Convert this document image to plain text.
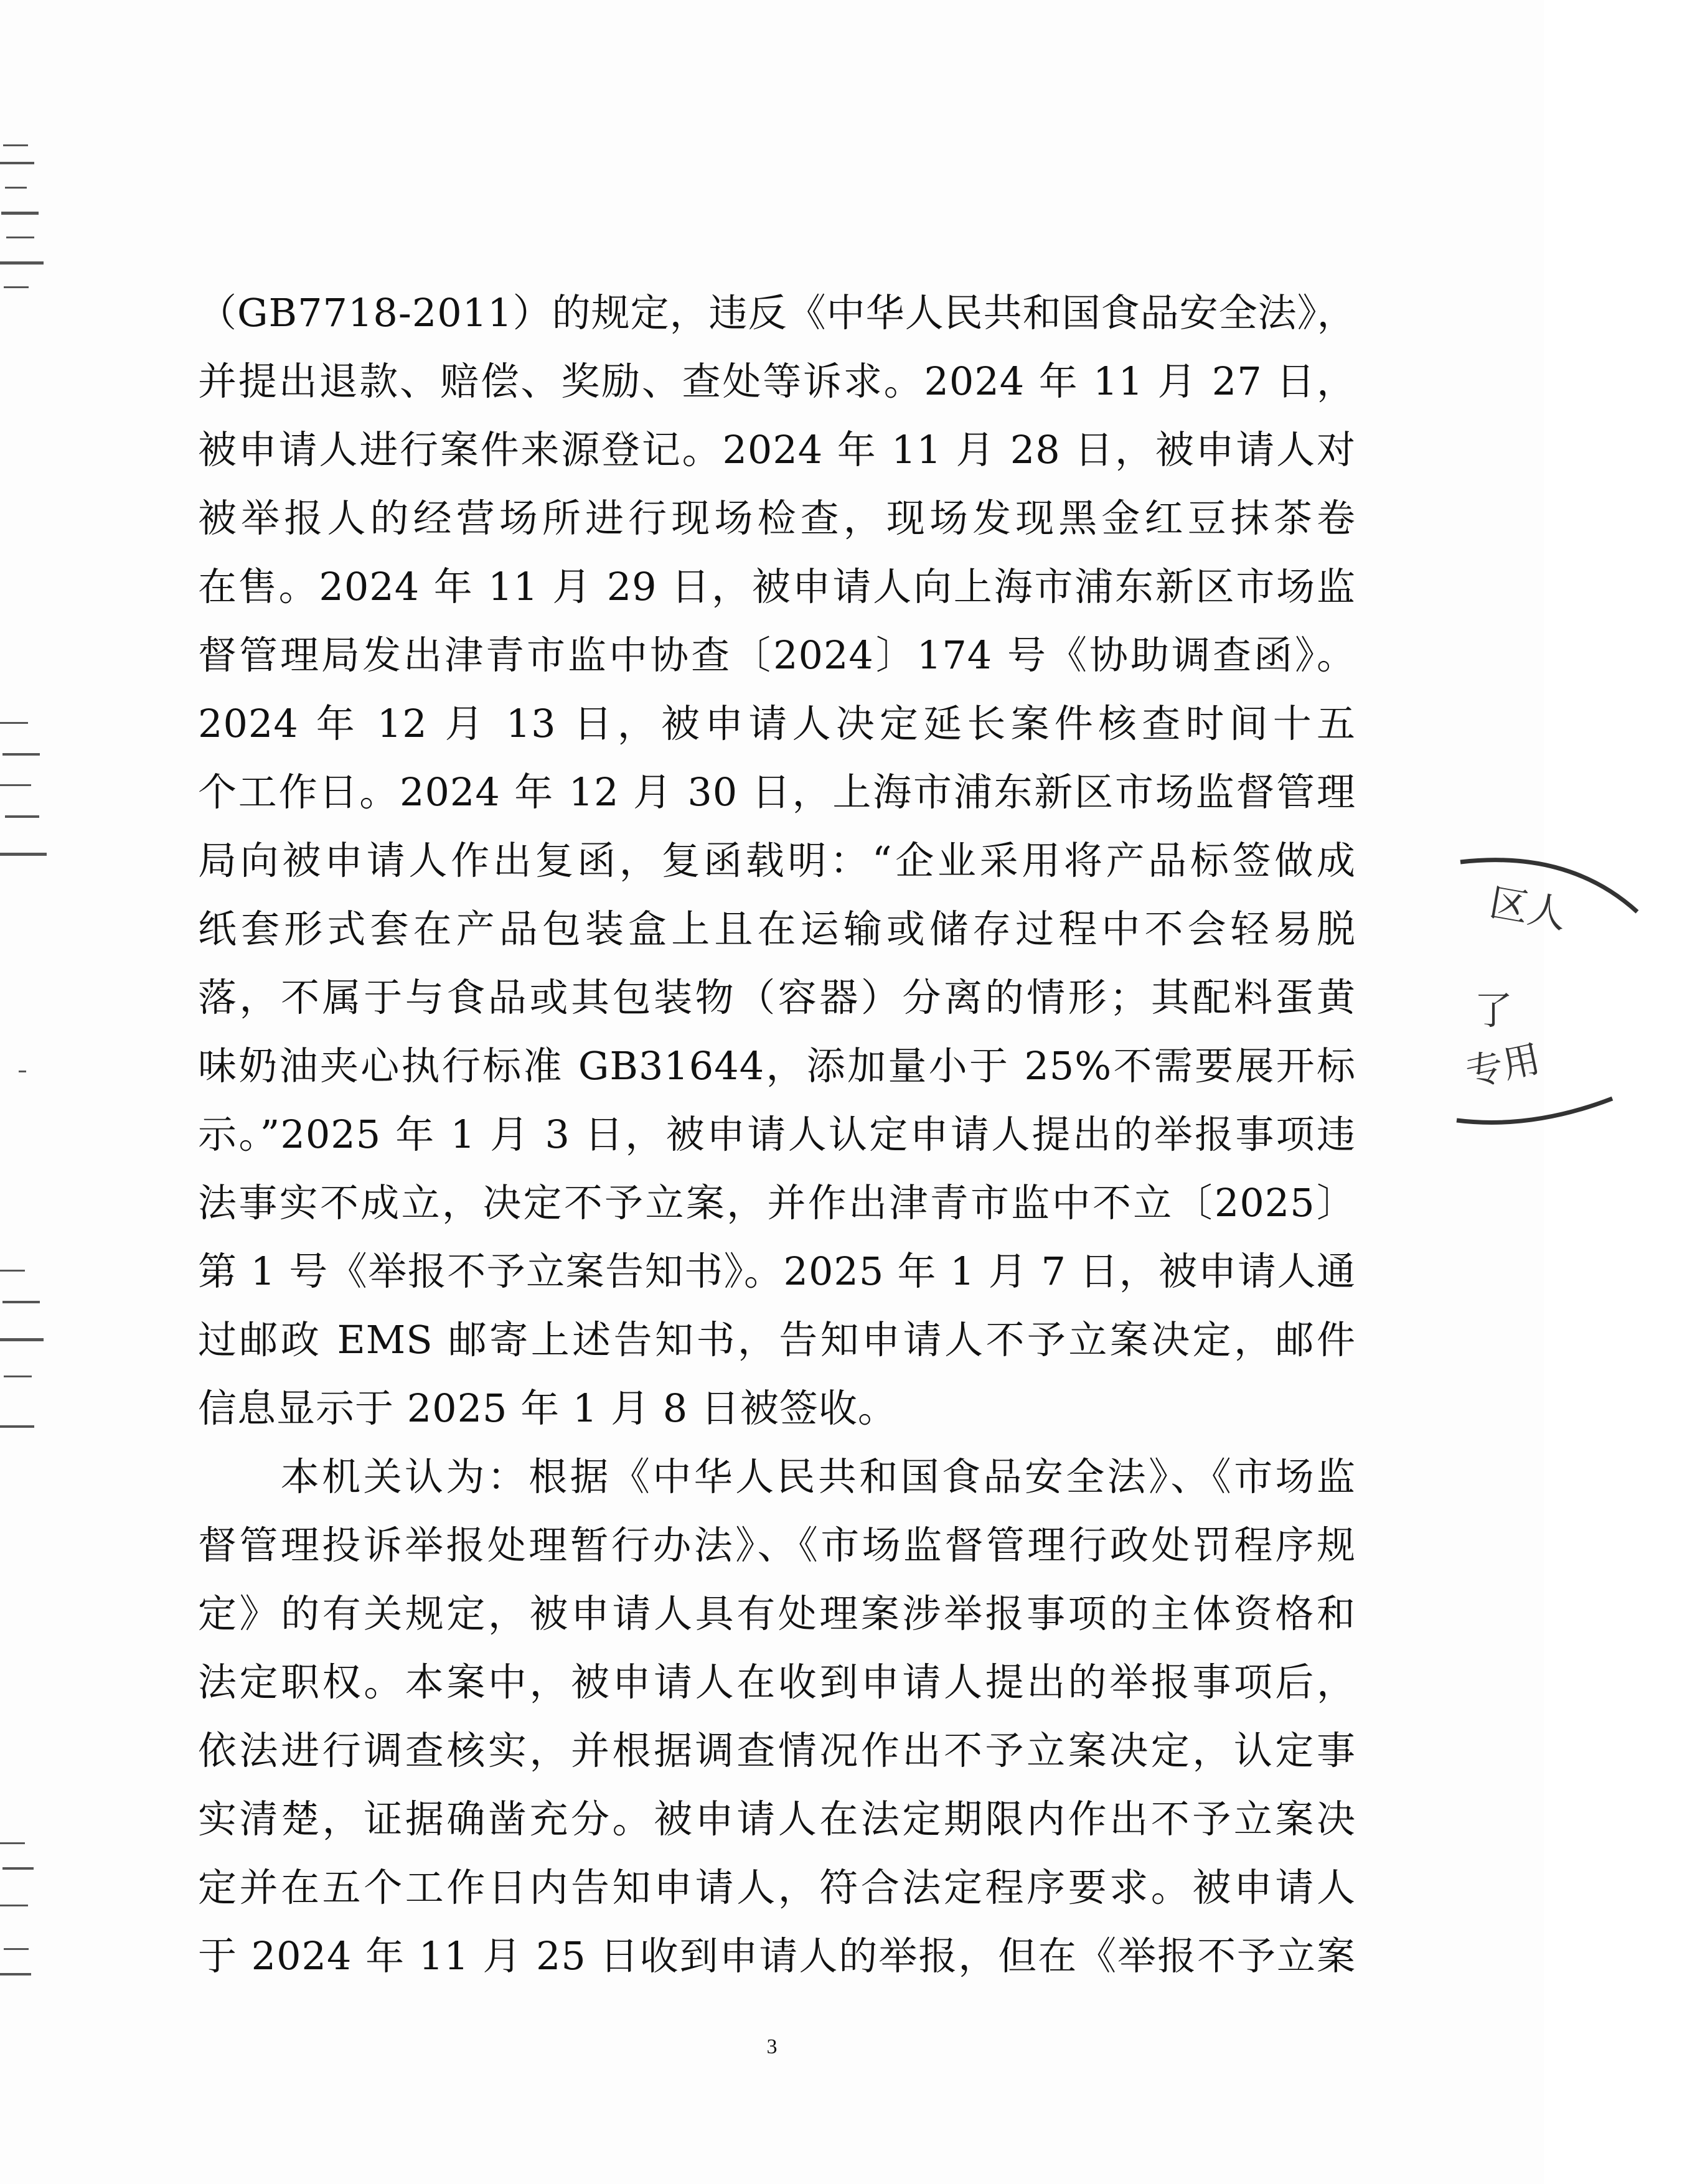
（GB7718-2011）的规定，违反《中华人民共和国食品安全法》，
并提出退款、赔偿、奖励、查处等诉求。2024 年 11 月 27 日，
被申请人进行案件来源登记。2024 年 11 月 28 日，被申请人对
被举报人的经营场所进行现场检查，现场发现黑金红豆抹茶卷
在售。2024 年 11 月 29 日，被申请人向上海市浦东新区市场监
督管理局发出津青市监中协查〔2024〕174 号《协助调查函》。
2024 年 12 月 13 日，被申请人决定延长案件核查时间十五
个工作日。2024 年 12 月 30 日，上海市浦东新区市场监督管理
局向被申请人作出复函，复函载明：“企业采用将产品标签做成
纸套形式套在产品包装盒上且在运输或储存过程中不会轻易脱
落，不属于与食品或其包装物（容器）分离的情形；其配料蛋黄
味奶油夹心执行标准 GB31644，添加量小于 25%不需要展开标
示。”2025 年 1 月 3 日，被申请人认定申请人提出的举报事项违
法事实不成立，决定不予立案，并作出津青市监中不立〔2025〕
第 1 号《举报不予立案告知书》。2025 年 1 月 7 日，被申请人通
过邮政 EMS 邮寄上述告知书，告知申请人不予立案决定，邮件
信息显示于 2025 年 1 月 8 日被签收。
　　本机关认为：根据《中华人民共和国食品安全法》、《市场监
督管理投诉举报处理暂行办法》、《市场监督管理行政处罚程序规
定》的有关规定，被申请人具有处理案涉举报事项的主体资格和
法定职权。本案中，被申请人在收到申请人提出的举报事项后，
依法进行调查核实，并根据调查情况作出不予立案决定，认定事
实清楚，证据确凿充分。被申请人在法定期限内作出不予立案决
定并在五个工作日内告知申请人，符合法定程序要求。被申请人
于 2024 年 11 月 25 日收到申请人的举报，但在《举报不予立案
区人
了
专用
3
